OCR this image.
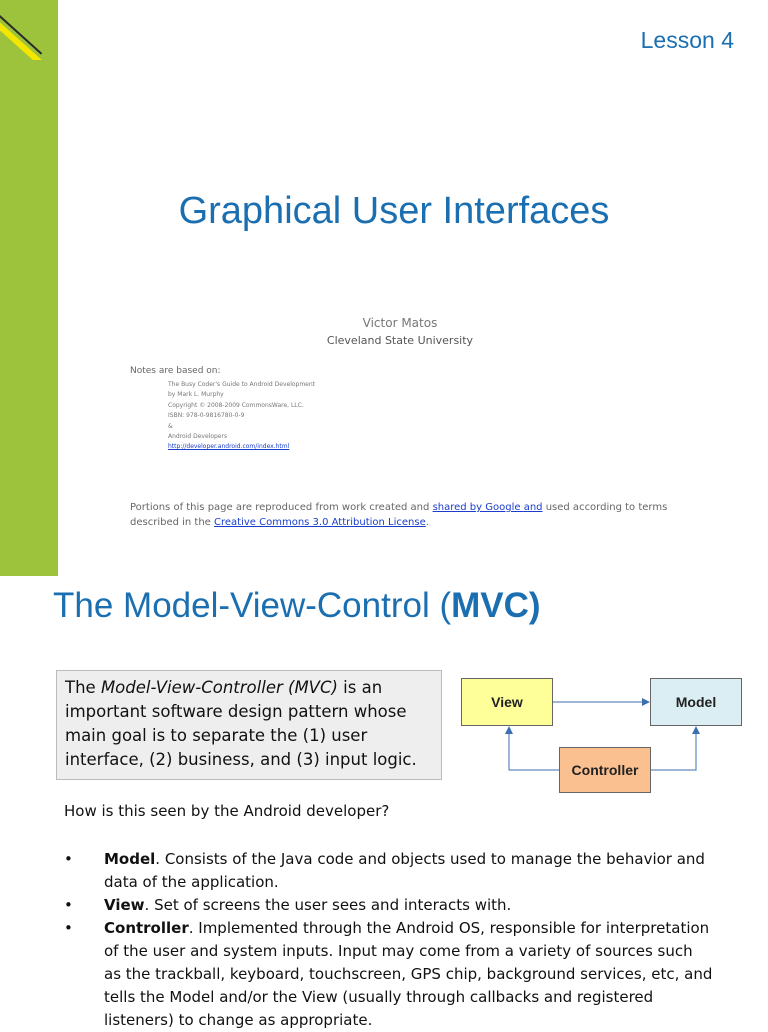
Lesson 4
Graphical User Interfaces
Victor Matos
Cleveland State University
Notes are based on:
The Busy Coder's Guide to Android Development
by Mark L. Murphy
Copyright © 2008-2009 CommonsWare, LLC.
ISBN: 978-0-9816780-0-9
&
Android Developers
http://developer.android.com/index.html
Portions of this page are reproduced from work created and shared by Google and used according to terms described in the Creative Commons 3.0 Attribution License.
The Model-View-Control (MVC)
The Model-View-Controller (MVC) is an important software design pattern whose main goal is to separate the (1) user interface, (2) business, and (3) input logic.
View	Model
Controller
How is this seen by the Android developer?
•	Model. Consists of the Java code and objects used to manage the behavior and data of the application.
•	View. Set of screens the user sees and interacts with.
•	Controller. Implemented through the Android OS, responsible for interpretation of the user and system inputs. Input may come from a variety of sources such as the trackball, keyboard, touchscreen, GPS chip, background services, etc, and tells the Model and/or the View (usually through callbacks and registered listeners) to change as appropriate.
